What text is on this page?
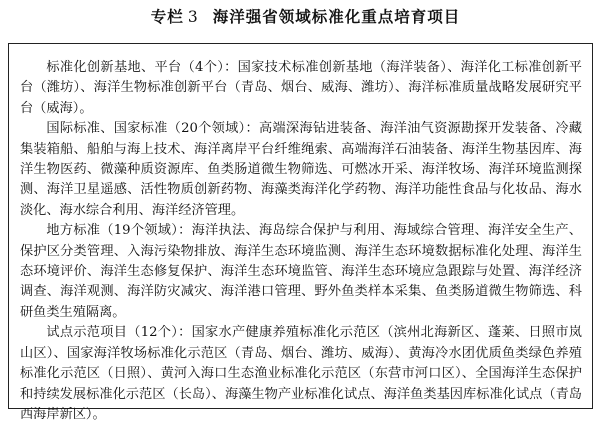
专栏 3 海洋强省领域标准化重点培育项目

标准化创新基地、平台（4个）：国家技术标准创新基地（海洋装备）、海洋化工标准创新平台（潍坊）、海洋生物标准创新平台（青岛、烟台、威海、潍坊）、海洋标准质量战略发展研究平台（威海）。

国际标准、国家标准（20个领域）：高端深海钻进装备、海洋油气资源勘探开发装备、冷藏集装箱船、船舶与海上技术、海洋离岸平台纤维绳索、高端海洋石油装备、海洋生物基因库、海洋生物医药、微藻种质资源库、鱼类肠道微生物筛选、可燃冰开采、海洋牧场、海洋环境监测探测、海洋卫星遥感、活性物质创新药物、海藻类海洋化学药物、海洋功能性食品与化妆品、海水淡化、海水综合利用、海洋经济管理。

地方标准（19个领域）：海洋执法、海岛综合保护与利用、海域综合管理、海洋安全生产、保护区分类管理、入海污染物排放、海洋生态环境监测、海洋生态环境数据标准化处理、海洋生态环境评价、海洋生态修复保护、海洋生态环境监管、海洋生态环境应急跟踪与处置、海洋经济调查、海洋观测、海洋防灾减灾、海洋港口管理、野外鱼类样本采集、鱼类肠道微生物筛选、科研鱼类生殖隔离。

试点示范项目（12个）：国家水产健康养殖标准化示范区（滨州北海新区、蓬莱、日照市岚山区）、国家海洋牧场标准化示范区（青岛、烟台、潍坊、威海）、黄海冷水团优质鱼类绿色养殖标准化示范区（日照）、黄河入海口生态渔业标准化示范区（东营市河口区）、全国海洋生态保护和持续发展标准化示范区（长岛）、海藻生物产业标准化试点、海洋鱼类基因库标准化试点（青岛西海岸新区）。
